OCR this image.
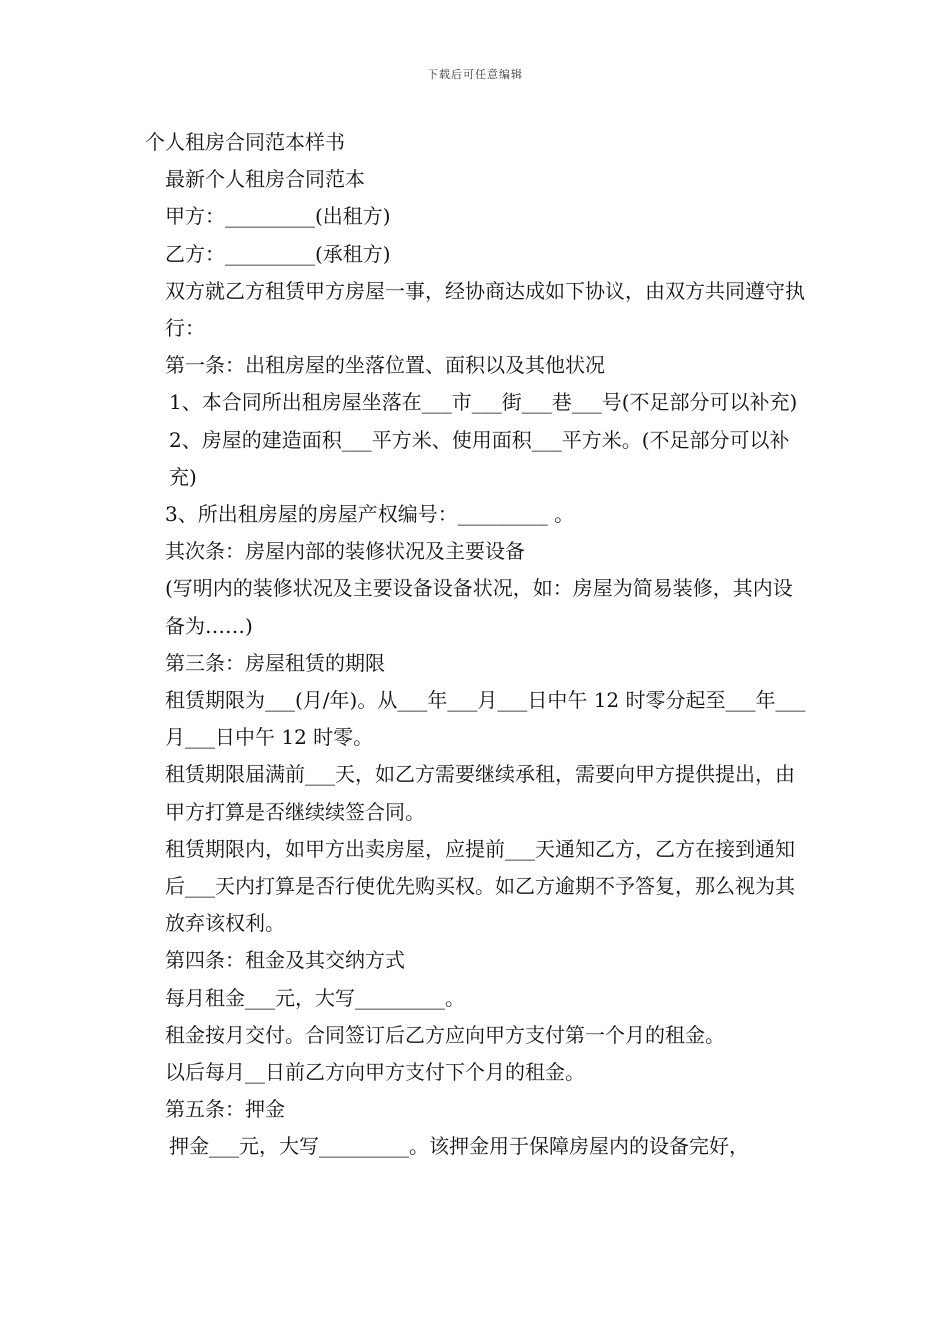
下载后可任意编辑

个人租房合同范本样书

最新个人租房合同范本

甲方：_________(出租方)

乙方：_________(承租方)

双方就乙方租赁甲方房屋一事，经协商达成如下协议，由双方共同遵守执行：

第一条：出租房屋的坐落位置、面积以及其他状况

1、本合同所出租房屋坐落在___市___街___巷___号(不足部分可以补充)

2、房屋的建造面积___平方米、使用面积___平方米。(不足部分可以补充)

3、所出租房屋的房屋产权编号：_________ 。

其次条：房屋内部的装修状况及主要设备

(写明内的装修状况及主要设备设备状况，如：房屋为简易装修，其内设备为……)

第三条：房屋租赁的期限

租赁期限为___(月/年)。从___年___月___日中午 12 时零分起至___年___月___日中午 12 时零。

租赁期限届满前___天，如乙方需要继续承租，需要向甲方提供提出，由甲方打算是否继续续签合同。

租赁期限内，如甲方出卖房屋，应提前___天通知乙方，乙方在接到通知后___天内打算是否行使优先购买权。如乙方逾期不予答复，那么视为其放弃该权利。

第四条：租金及其交纳方式

每月租金___元，大写_________。

租金按月交付。合同签订后乙方应向甲方支付第一个月的租金。

以后每月__日前乙方向甲方支付下个月的租金。

第五条：押金

押金___元，大写_________。该押金用于保障房屋内的设备完好，
